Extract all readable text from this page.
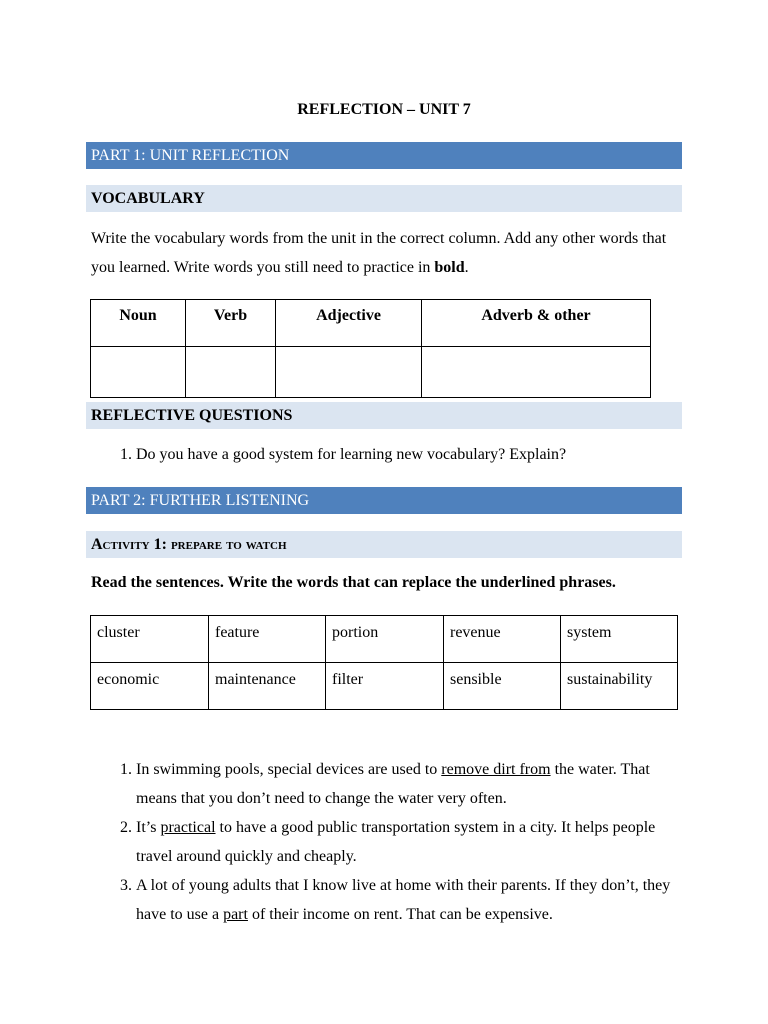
REFLECTION – UNIT 7
PART 1: UNIT REFLECTION
VOCABULARY
Write the vocabulary words from the unit in the correct column. Add any other words that you learned. Write words you still need to practice in bold.
Noun	Verb	Adjective	Adverb & other

REFLECTIVE QUESTIONS
1. Do you have a good system for learning new vocabulary? Explain?
PART 2: FURTHER LISTENING
Activity 1: prepare to watch
Read the sentences. Write the words that can replace the underlined phrases.
cluster	feature	portion	revenue	system
economic	maintenance	filter	sensible	sustainability
1. In swimming pools, special devices are used to remove dirt from the water. That means that you don’t need to change the water very often.
2. It’s practical to have a good public transportation system in a city. It helps people travel around quickly and cheaply.
3. A lot of young adults that I know live at home with their parents. If they don’t, they have to use a part of their income on rent. That can be expensive.
